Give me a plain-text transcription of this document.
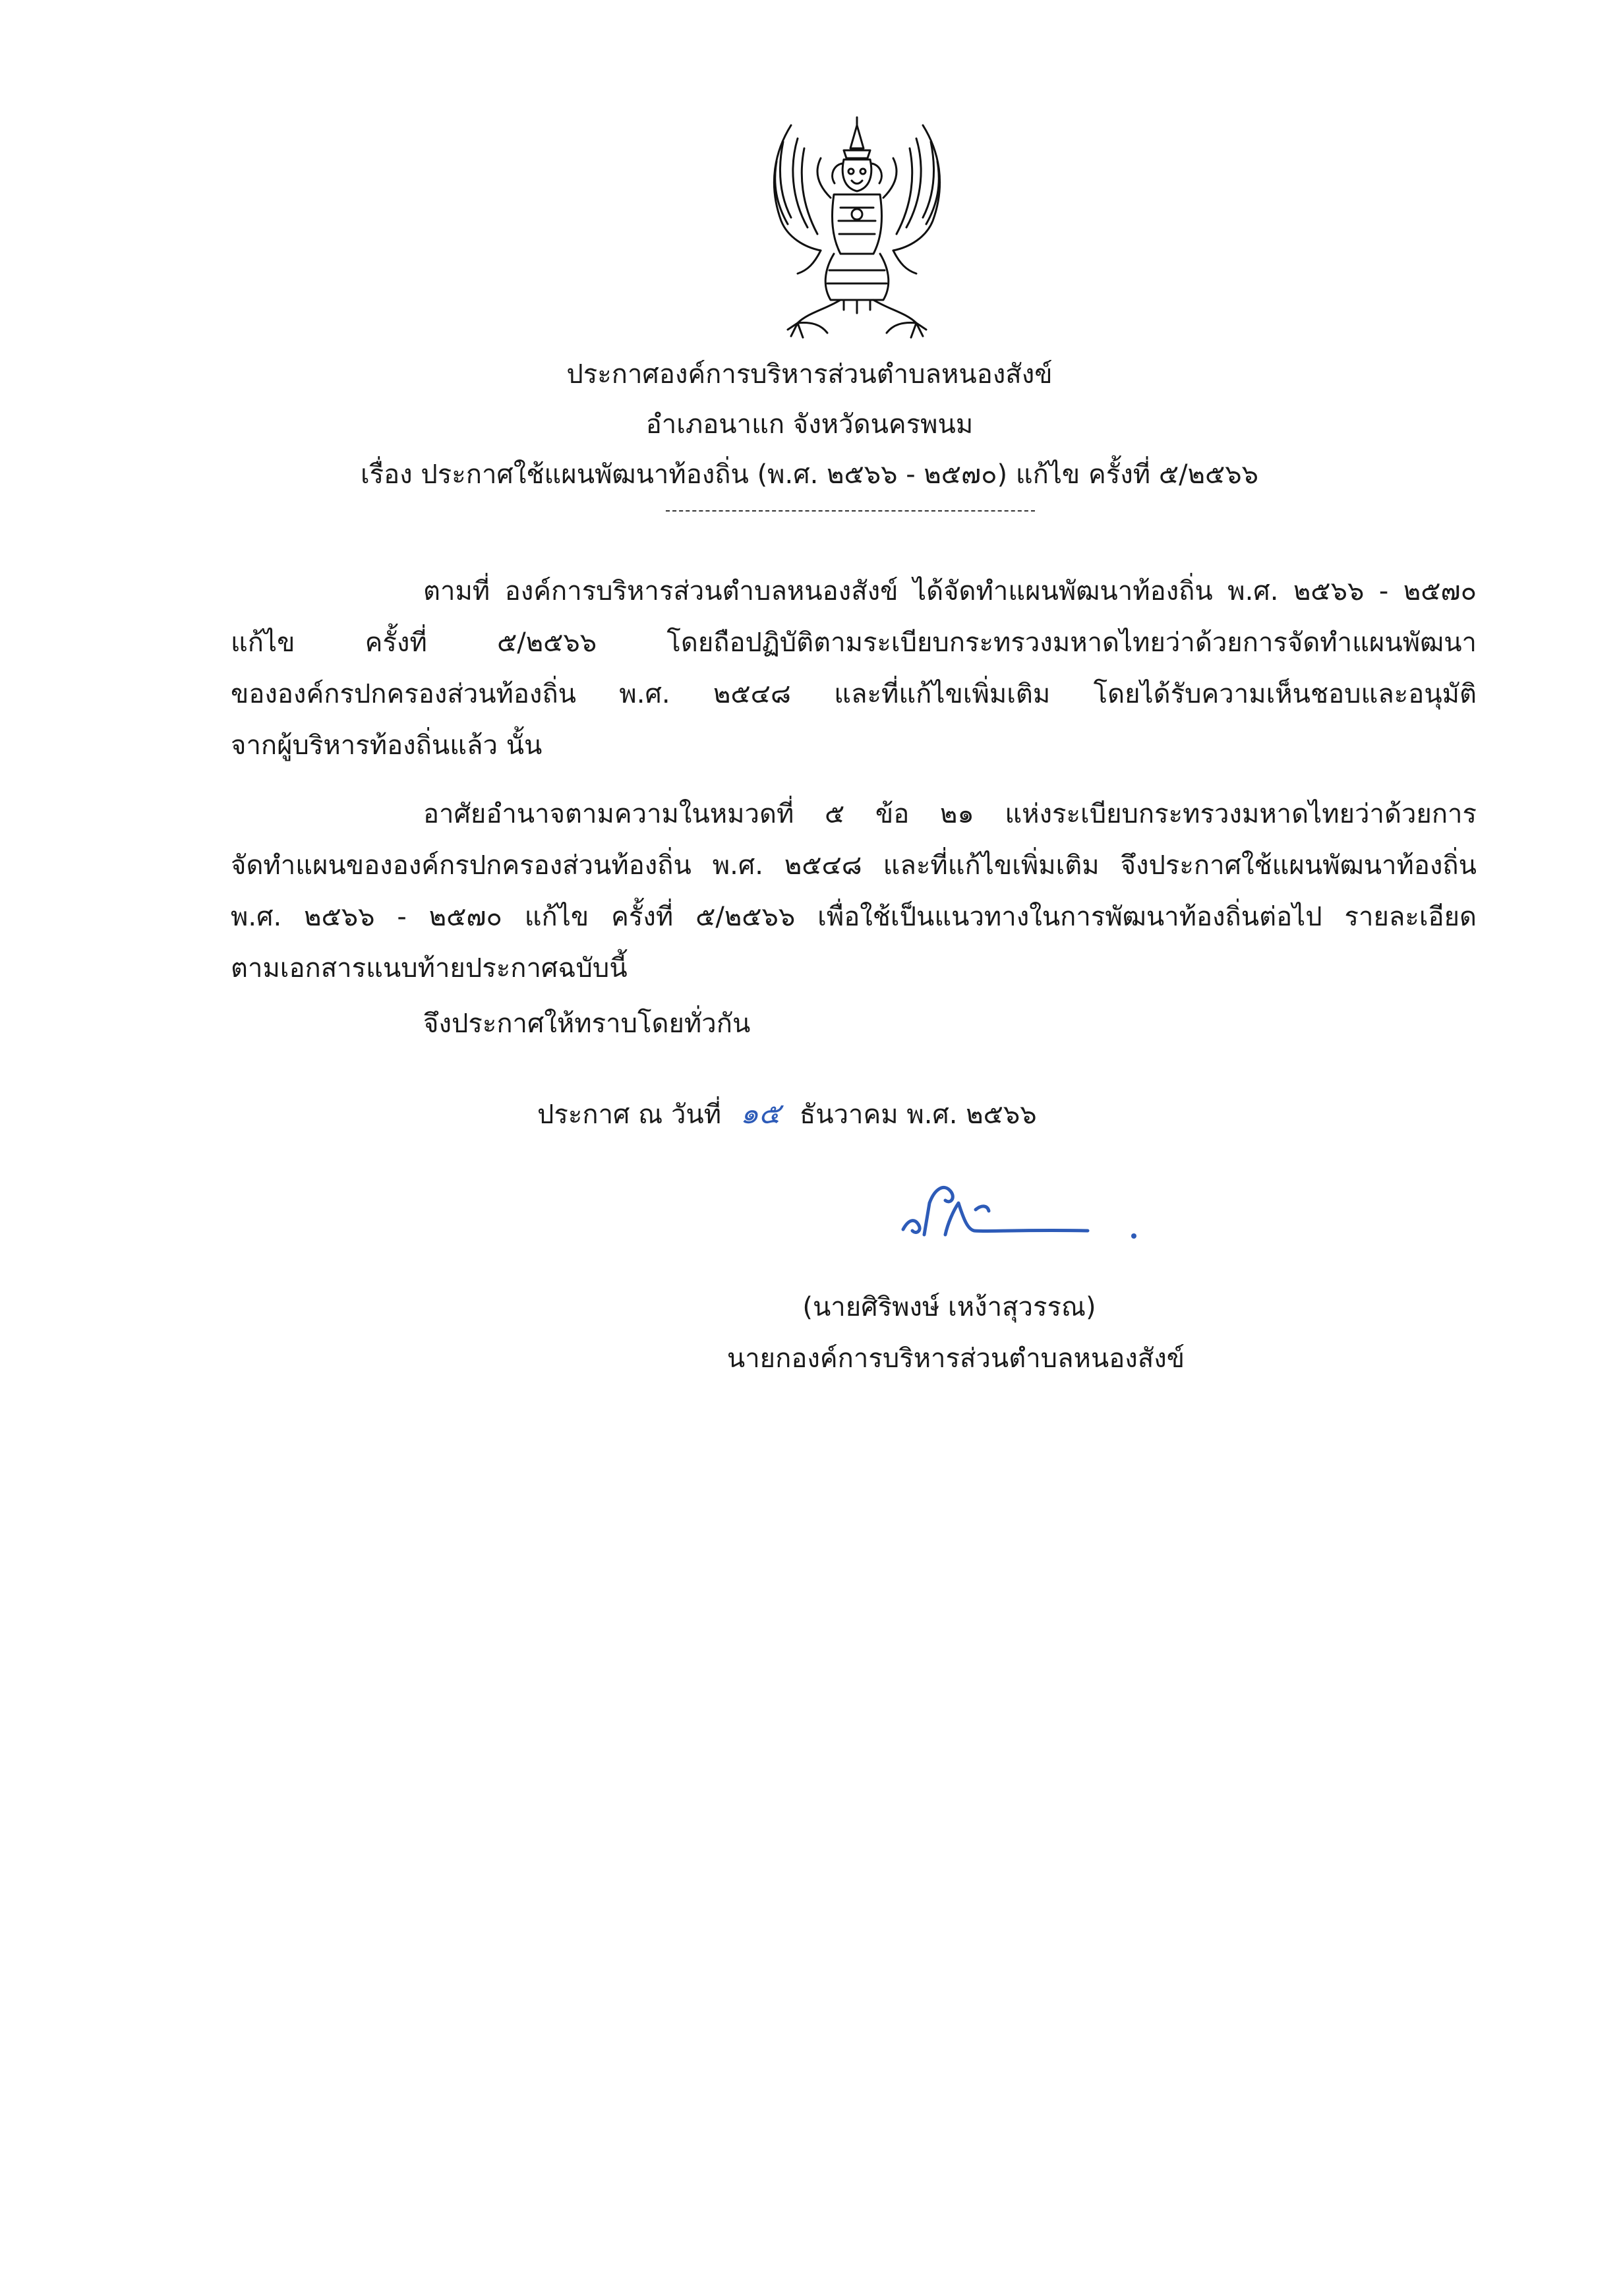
ประกาศองค์การบริหารส่วนตำบลหนองสังข์
อำเภอนาแก จังหวัดนครพนม
เรื่อง ประกาศใช้แผนพัฒนาท้องถิ่น (พ.ศ. ๒๕๖๖ - ๒๕๗๐) แก้ไข ครั้งที่ ๕/๒๕๖๖
ตามที่ องค์การบริหารส่วนตำบลหนองสังข์ ได้จัดทำแผนพัฒนาท้องถิ่น พ.ศ. ๒๕๖๖ - ๒๕๗๐
แก้ไข ครั้งที่ ๕/๒๕๖๖ โดยถือปฏิบัติตามระเบียบกระทรวงมหาดไทยว่าด้วยการจัดทำแผนพัฒนา
ขององค์กรปกครองส่วนท้องถิ่น พ.ศ. ๒๕๔๘ และที่แก้ไขเพิ่มเติม โดยได้รับความเห็นชอบและอนุมัติ
จากผู้บริหารท้องถิ่นแล้ว นั้น
อาศัยอำนาจตามความในหมวดที่ ๕ ข้อ ๒๑ แห่งระเบียบกระทรวงมหาดไทยว่าด้วยการ
จัดทำแผนขององค์กรปกครองส่วนท้องถิ่น พ.ศ. ๒๕๔๘ และที่แก้ไขเพิ่มเติม จึงประกาศใช้แผนพัฒนาท้องถิ่น
พ.ศ. ๒๕๖๖ - ๒๕๗๐ แก้ไข ครั้งที่ ๕/๒๕๖๖ เพื่อใช้เป็นแนวทางในการพัฒนาท้องถิ่นต่อไป รายละเอียด
ตามเอกสารแนบท้ายประกาศฉบับนี้
จึงประกาศให้ทราบโดยทั่วกัน
ประกาศ ณ วันที่ ๑๕ ธันวาคม พ.ศ. ๒๕๖๖
(นายศิริพงษ์ เหง้าสุวรรณ)
นายกองค์การบริหารส่วนตำบลหนองสังข์
